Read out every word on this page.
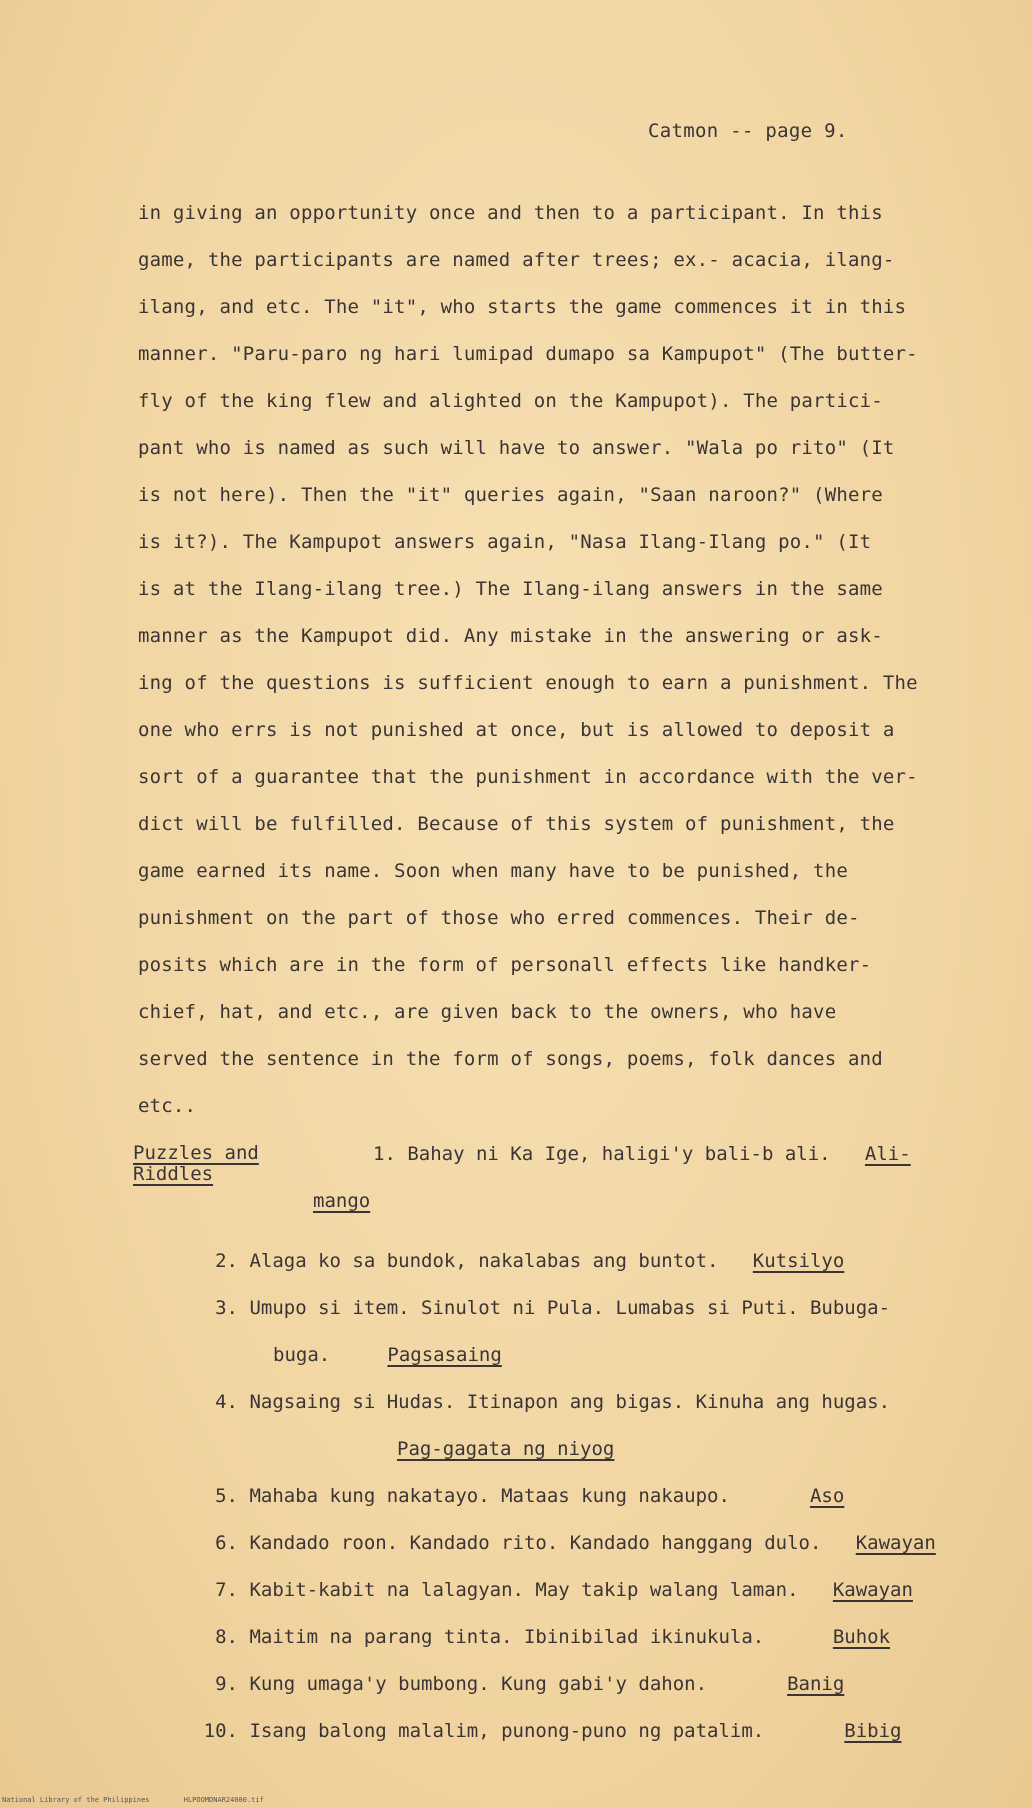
Catmon -- page 9.
in giving an opportunity once and then to a participant. In this
game, the participants are named after trees; ex.- acacia, ilang-
ilang, and etc. The "it", who starts the game commences it in this
manner. "Paru-paro ng hari lumipad dumapo sa Kampupot" (The butter-
fly of the king flew and alighted on the Kampupot). The partici-
pant who is named as such will have to answer. "Wala po rito" (It
is not here). Then the "it" queries again, "Saan naroon?" (Where
is it?). The Kampupot answers again, "Nasa Ilang-Ilang po." (It
is at the Ilang-ilang tree.) The Ilang-ilang answers in the same
manner as the Kampupot did. Any mistake in the answering or ask-
ing of the questions is sufficient enough to earn a punishment. The
one who errs is not punished at once, but is allowed to deposit a
sort of a guarantee that the punishment in accordance with the ver-
dict will be fulfilled. Because of this system of punishment, the
game earned its name. Soon when many have to be punished, the
punishment on the part of those who erred commences. Their de-
posits which are in the form of personall effects like handker-
chief, hat, and etc., are given back to the owners, who have
served the sentence in the form of songs, poems, folk dances and
etc..
Puzzles and
Riddles
1. Bahay ni Ka Ige, haligi'y bali-b ali. Ali-
mango
2. Alaga ko sa bundok, nakalabas ang buntot. Kutsilyo
3. Umupo si item. Sinulot ni Pula. Lumabas si Puti. Bubuga-
buga.	Pagsasaing
4. Nagsaing si Hudas. Itinapon ang bigas. Kinuha ang hugas.
Pag-gagata ng niyog
5. Mahaba kung nakatayo. Mataas kung nakaupo.	Aso
6. Kandado roon. Kandado rito. Kandado hanggang dulo. Kawayan
7. Kabit-kabit na lalagyan. May takip walang laman. Kawayan
8. Maitim na parang tinta. Ibinibilad ikinukula.	Buhok
9. Kung umaga'y bumbong. Kung gabi'y dahon.	Banig
10. Isang balong malalim, punong-puno ng patalim.	Bibig
National Library of the Philippines	HLPOOMDNAR24000.tif
